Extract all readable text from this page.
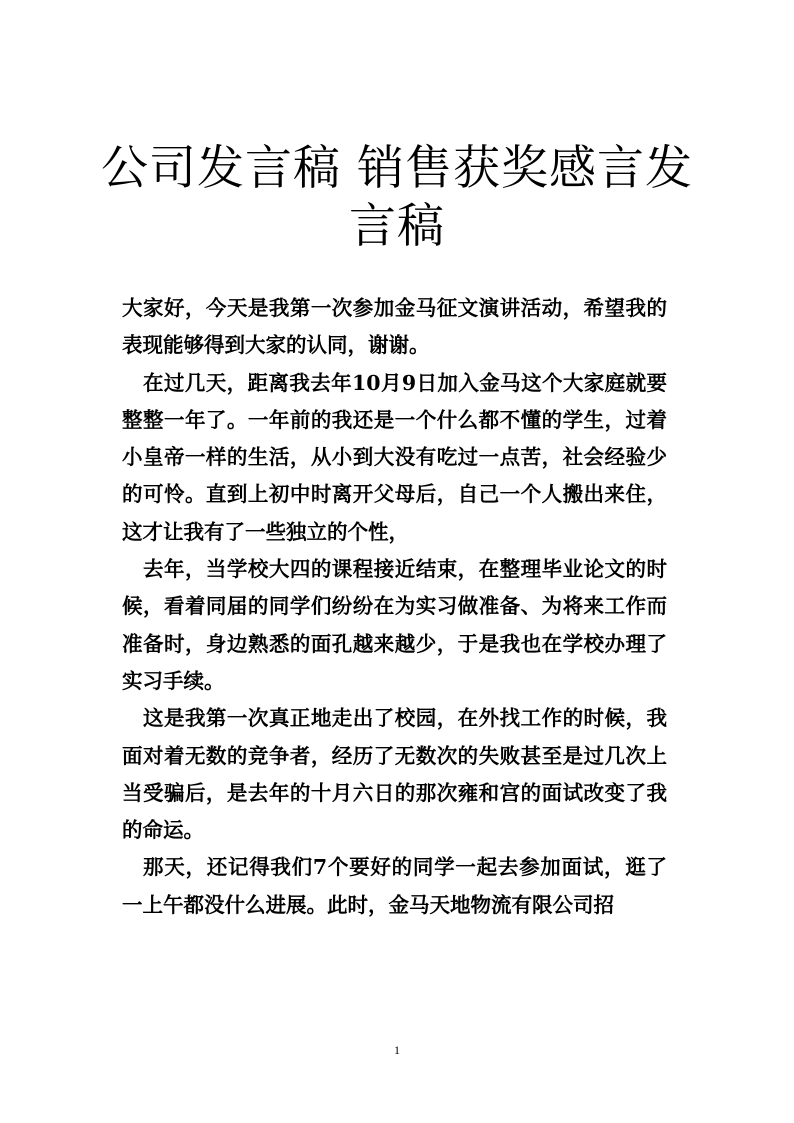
公司发言稿 销售获奖感言发言稿

大家好，今天是我第一次参加金马征文演讲活动，希望我的表现能够得到大家的认同，谢谢。

在过几天，距离我去年10月9日加入金马这个大家庭就要整整一年了。一年前的我还是一个什么都不懂的学生，过着小皇帝一样的生活，从小到大没有吃过一点苦，社会经验少的可怜。直到上初中时离开父母后，自己一个人搬出来住，这才让我有了一些独立的个性，

去年，当学校大四的课程接近结束，在整理毕业论文的时候，看着同届的同学们纷纷在为实习做准备、为将来工作而准备时，身边熟悉的面孔越来越少，于是我也在学校办理了实习手续。

这是我第一次真正地走出了校园，在外找工作的时候，我面对着无数的竞争者，经历了无数次的失败甚至是过几次上当受骗后，是去年的十月六日的那次雍和宫的面试改变了我的命运。

那天，还记得我们7个要好的同学一起去参加面试，逛了一上午都没什么进展。此时，金马天地物流有限公司招

1
